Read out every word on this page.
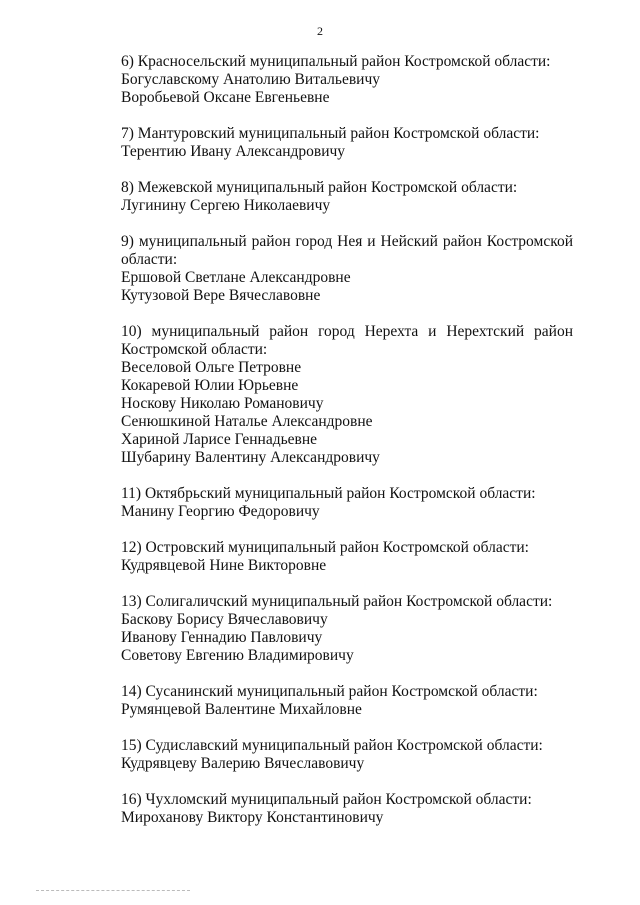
2
6) Красносельский муниципальный район Костромской области:
Богуславскому Анатолию Витальевичу
Воробьевой Оксане Евгеньевне
7) Мантуровский муниципальный район Костромской области:
Терентию Ивану Александровичу
8) Межевской муниципальный район Костромской области:
Лугинину Сергею Николаевичу
9) муниципальный район город Нея и Нейский район Костромской
области:
Ершовой Светлане Александровне
Кутузовой Вере Вячеславовне
10) муниципальный район город Нерехта и Нерехтский район
Костромской области:
Веселовой Ольге Петровне
Кокаревой Юлии Юрьевне
Носкову Николаю Романовичу
Сенюшкиной Наталье Александровне
Хариной Ларисе Геннадьевне
Шубарину Валентину Александровичу
11) Октябрьский муниципальный район Костромской области:
Манину Георгию Федоровичу
12) Островский муниципальный район Костромской области:
Кудрявцевой Нине Викторовне
13) Солигаличский муниципальный район Костромской области:
Баскову Борису Вячеславовичу
Иванову Геннадию Павловичу
Советову Евгению Владимировичу
14) Сусанинский муниципальный район Костромской области:
Румянцевой Валентине Михайловне
15) Судиславский муниципальный район Костромской области:
Кудрявцеву Валерию Вячеславовичу
16) Чухломский муниципальный район Костромской области:
Мироханову Виктору Константиновичу
